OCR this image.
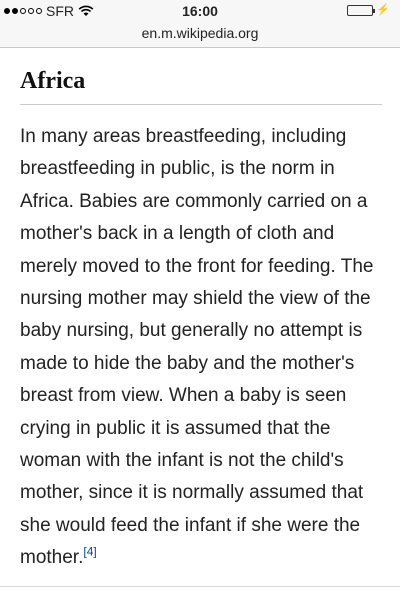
SFR	16:00	⚡
en.m.wikipedia.org
Africa

In many areas breastfeeding, including breastfeeding in public, is the norm in Africa. Babies are commonly carried on a mother's back in a length of cloth and merely moved to the front for feeding. The nursing mother may shield the view of the baby nursing, but generally no attempt is made to hide the baby and the mother's breast from view. When a baby is seen crying in public it is assumed that the woman with the infant is not the child's mother, since it is normally assumed that she would feed the infant if she were the mother.[4]
